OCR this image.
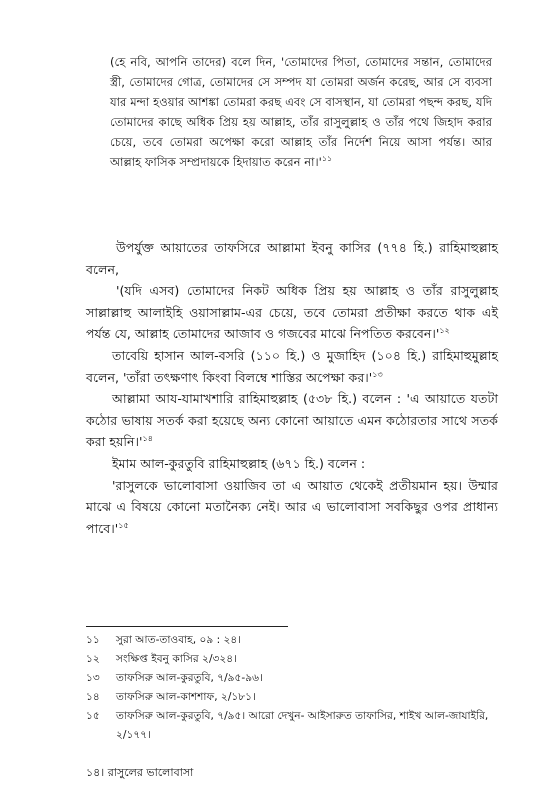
(হে নবি, আপনি তাদের) বলে দিন, 'তোমাদের পিতা, তোমাদের সন্তান, তোমাদের স্ত্রী, তোমাদের গোত্র, তোমাদের সে সম্পদ যা তোমরা অর্জন করেছ, আর সে ব্যবসা যার মন্দা হওয়ার আশঙ্কা তোমরা করছ এবং সে বাসস্থান, যা তোমরা পছন্দ করছ, যদি তোমাদের কাছে অধিক প্রিয় হয় আল্লাহ, তাঁর রাসুলুল্লাহ ও তাঁর পথে জিহাদ করার চেয়ে, তবে তোমরা অপেক্ষা করো আল্লাহ তাঁর নির্দেশ নিয়ে আসা পর্যন্ত। আর আল্লাহ ফাসিক সম্প্রদায়কে হিদায়াত করেন $না।'^{১১}$

উপর্যুক্ত আয়াতের তাফসিরে আল্লামা ইবনু কাসির (৭৭৪ হি.) রাহিমাহুল্লাহ বলেন,

'(যদি এসব) তোমাদের নিকট অধিক প্রিয় হয় আল্লাহ ও তাঁর রাসুলুল্লাহ সাল্লাল্লাহু আলাইহি ওয়াসাল্লাম-এর চেয়ে, তবে তোমরা প্রতীক্ষা করতে থাক এই পর্যন্ত যে, আল্লাহ তোমাদের আজাব ও গজবের মাঝে নিপতিত $করবেন।'^{১২}$

তাবেয়ি হাসান আল-বসরি (১১০ হি.) ও মুজাহিদ (১০৪ হি.) রাহিমাহুমুল্লাহ বলেন, 'তাঁরা তৎক্ষণাৎ কিংবা বিলম্বে শাস্তির অপেক্ষা $কর।'^{১৩}$

আল্লামা আয-যামাখশারি রাহিমাহুল্লাহ (৫৩৮ হি.) বলেন : 'এ আয়াতে যতটা কঠোর ভাষায় সতর্ক করা হয়েছে অন্য কোনো আয়াতে এমন কঠোরতার সাথে সতর্ক করা $হয়নি।'^{১৪}$

ইমাম আল-কুরতুবি রাহিমাহুল্লাহ (৬৭১ হি.) বলেন :

'রাসুলকে ভালোবাসা ওয়াজিব তা এ আয়াত থেকেই প্রতীয়মান হয়। উম্মার মাঝে এ বিষয়ে কোনো মতানৈক্য নেই। আর এ ভালোবাসা সবকিছুর ওপর প্রাধান্য $পাবে।'^{১৫}$

১১	সুরা আত-তাওবাহ, ০৯ : ২৪।
১২	সংক্ষিপ্ত ইবনু কাসির ২/৩২৪।
১৩	তাফসিরু আল-কুরতুবি, ৭/৯৫-৯৬।
১৪	তাফসিরু আল-কাশশাফ, ২/১৮১।
১৫	তাফসিরু আল-কুরতুবি, ৭/৯৫। আরো দেখুন- আইসারুত তাফাসির, শাইখ আল-জাযাইরি, ২/১৭৭।
১৪। রাসুলের ভালোবাসা
